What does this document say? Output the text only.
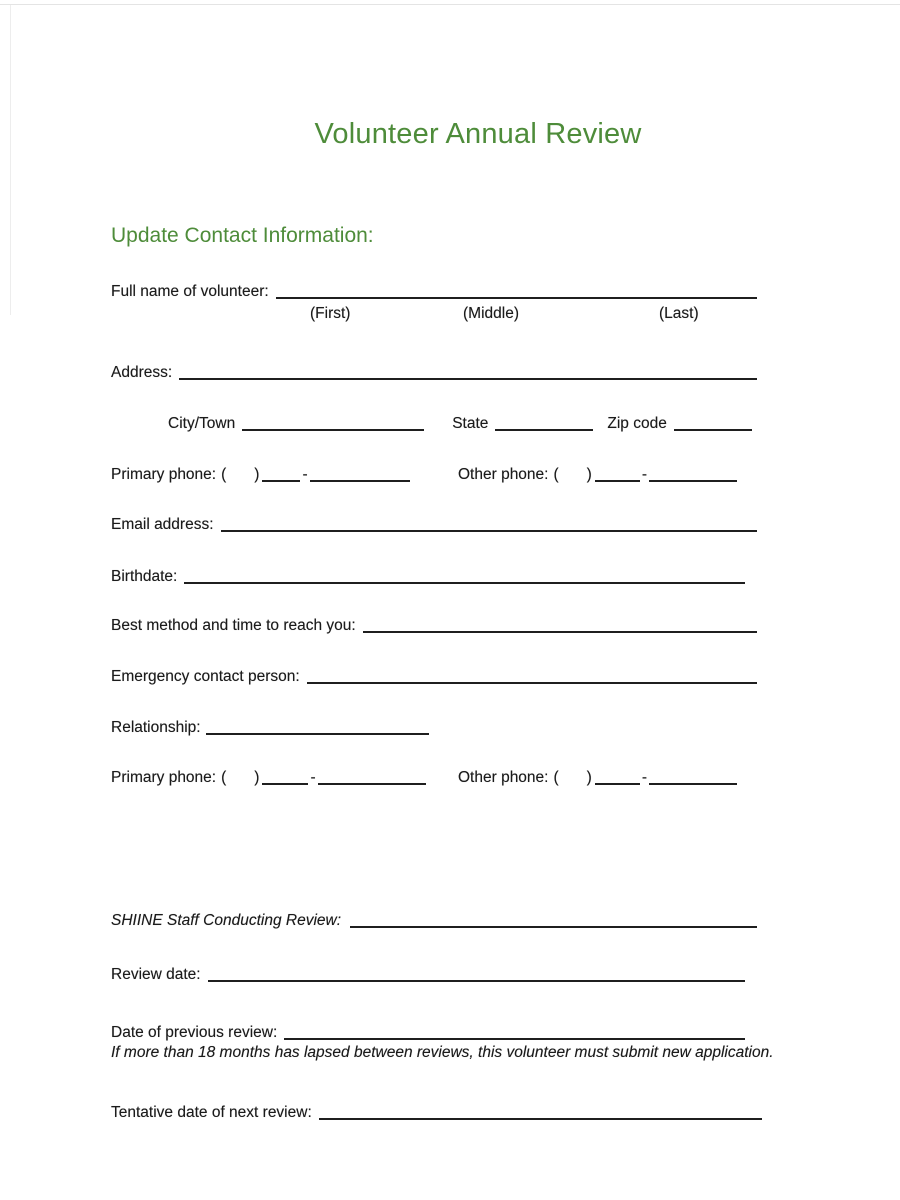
Volunteer Annual Review
Update Contact Information:
Full name of volunteer:
(First)	(Middle)	(Last)
Address:
City/Town	State	Zip code
Primary phone: ( )	-	Other phone: ( )	-
Email address:
Birthdate:
Best method and time to reach you:
Emergency contact person:
Relationship:
Primary phone: ( )	-	Other phone: ( )	-
SHIINE Staff Conducting Review:
Review date:
Date of previous review:
If more than 18 months has lapsed between reviews, this volunteer must submit new application.
Tentative date of next review:
